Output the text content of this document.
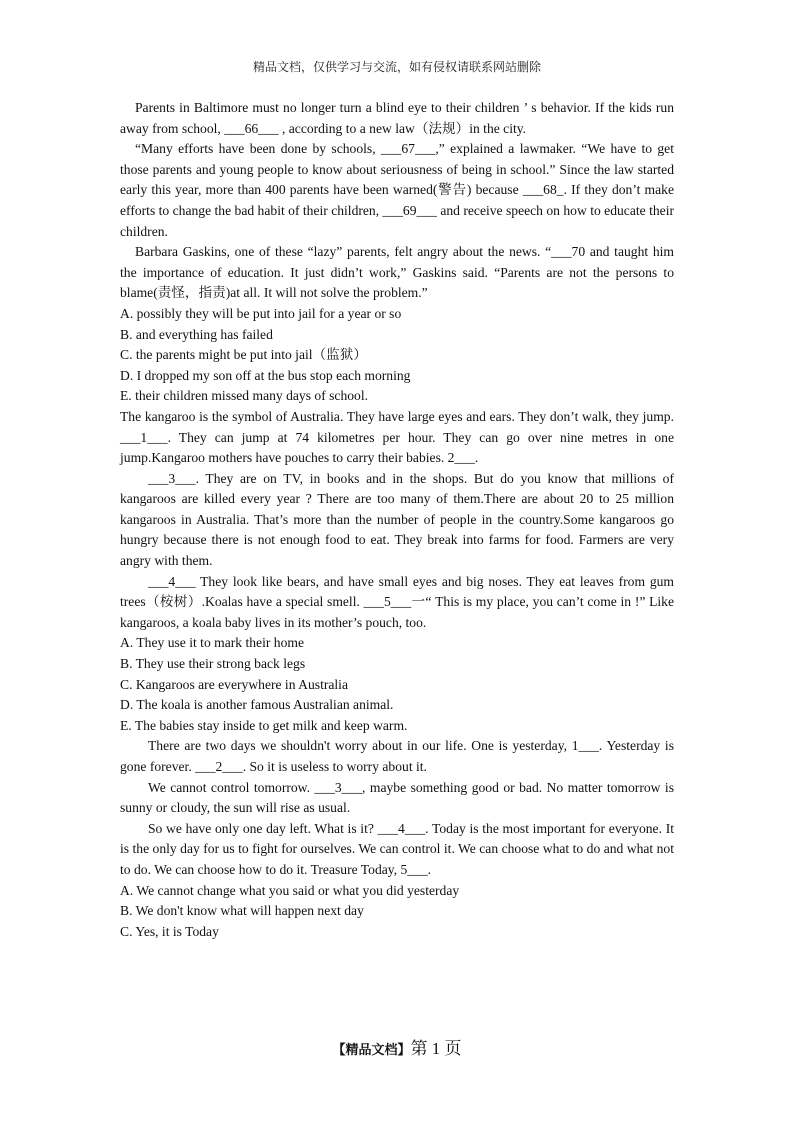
精品文档，仅供学习与交流，如有侵权请联系网站删除

Parents in Baltimore must no longer turn a blind eye to their children ’ s behavior. If the kids run away from school, ___66___ , according to a new law（法规）in the city.

“Many efforts have been done by schools, ___67___,” explained a lawmaker. “We have to get those parents and young people to know about seriousness of being in school.” Since the law started early this year, more than 400 parents have been warned(警告) because ___68_. If they don’t make efforts to change the bad habit of their children, ___69___ and receive speech on how to educate their children.

Barbara Gaskins, one of these “lazy” parents, felt angry about the news. “___70 and taught him the importance of education. It just didn’t work,” Gaskins said. “Parents are not the persons to blame(责怪，指责)at all. It will not solve the problem.”

A. possibly they will be put into jail for a year or so

B. and everything has failed

C. the parents might be put into jail（监狱）

D. I dropped my son off at the bus stop each morning

E. their children missed many days of school.

The kangaroo is the symbol of Australia. They have large eyes and ears. They don’t walk, they jump. ___1___. They can jump at 74 kilometres per hour. They can go over nine metres in one jump.Kangaroo mothers have pouches to carry their babies. 2___.

___3___. They are on TV, in books and in the shops. But do you know that millions of kangaroos are killed every year ? There are too many of them.There are about 20 to 25 million kangaroos in Australia. That’s more than the number of people in the country.Some kangaroos go hungry because there is not enough food to eat. They break into farms for food. Farmers are very angry with them.

___4___ They look like bears, and have small eyes and big noses. They eat leaves from gum trees（桉树）.Koalas have a special smell. ___5___一“ This is my place, you can’t come in !” Like kangaroos, a koala baby lives in its mother’s pouch, too.

A. They use it to mark their home

B. They use their strong back legs

C. Kangaroos are everywhere in Australia

D. The koala is another famous Australian animal.

E. The babies stay inside to get milk and keep warm.

There are two days we shouldn't worry about in our life. One is yesterday, 1___. Yesterday is gone forever. ___2___. So it is useless to worry about it.

We cannot control tomorrow. ___3___, maybe something good or bad. No matter tomorrow is sunny or cloudy, the sun will rise as usual.

So we have only one day left. What is it? ___4___. Today is the most important for everyone. It is the only day for us to fight for ourselves. We can control it. We can choose what to do and what not to do. We can choose how to do it. Treasure Today, 5___.

A. We cannot change what you said or what you did yesterday

B. We don't know what will happen next day

C. Yes, it is Today

【精品文档】第 1 页
